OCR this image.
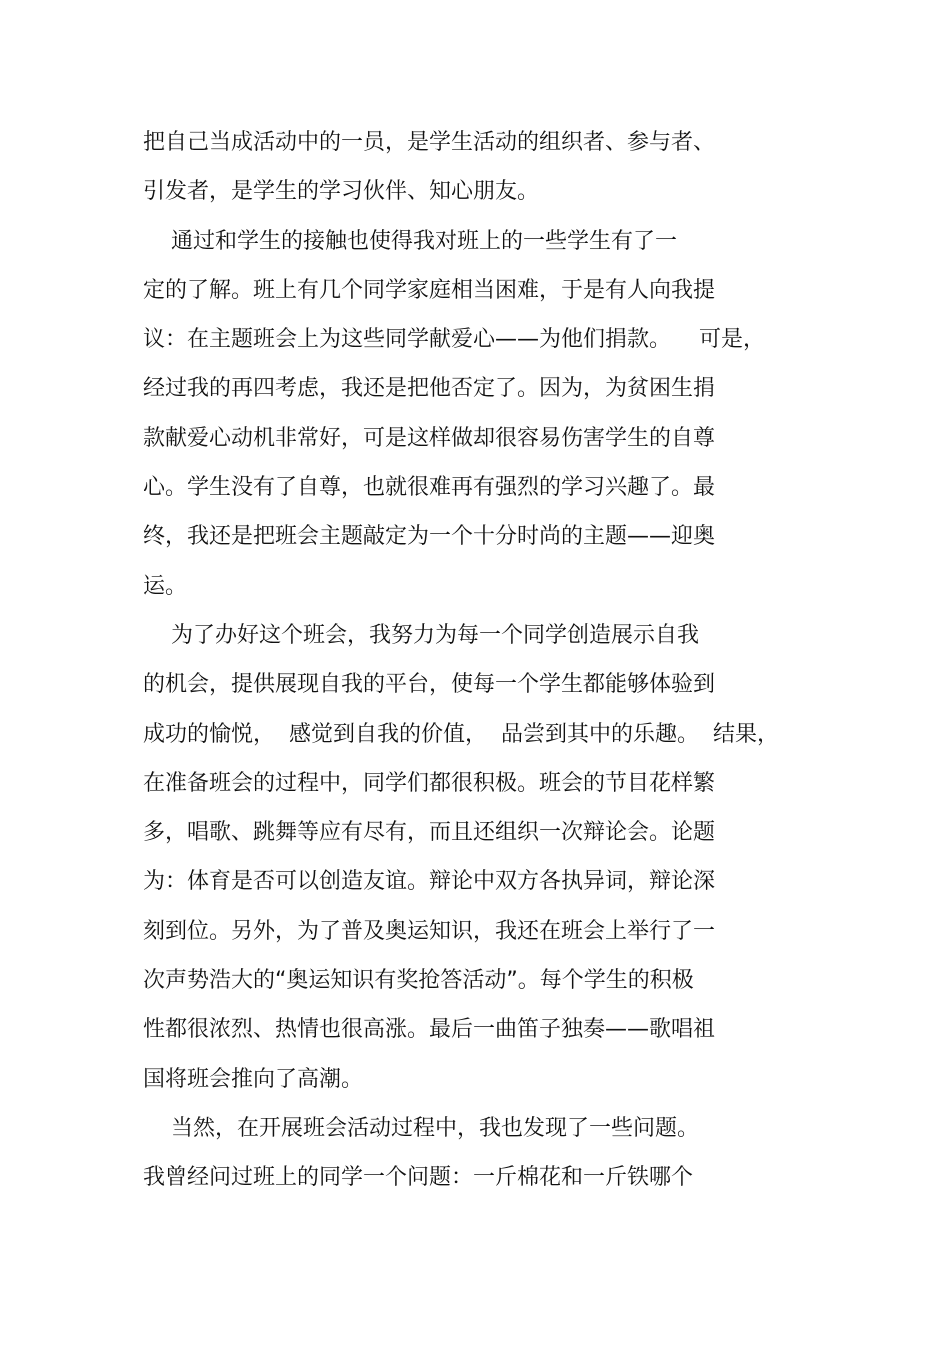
把自己当成活动中的一员，是学生活动的组织者、参与者、
引发者，是学生的学习伙伴、知心朋友。
通过和学生的接触也使得我对班上的一些学生有了一
定的了解。班上有几个同学家庭相当困难，于是有人向我提
议：在主题班会上为这些同学献爱心——为他们捐款。    可是，
经过我的再四考虑，我还是把他否定了。因为，为贫困生捐
款献爱心动机非常好，可是这样做却很容易伤害学生的自尊
心。学生没有了自尊，也就很难再有强烈的学习兴趣了。最
终，我还是把班会主题敲定为一个十分时尚的主题——迎奥
运。
为了办好这个班会，我努力为每一个同学创造展示自我
的机会，提供展现自我的平台，使每一个学生都能够体验到
成功的愉悦，  感觉到自我的价值，  品尝到其中的乐趣。  结果，
在准备班会的过程中，同学们都很积极。班会的节目花样繁
多，唱歌、跳舞等应有尽有，而且还组织一次辩论会。论题
为：体育是否可以创造友谊。辩论中双方各执异词，辩论深
刻到位。另外，为了普及奥运知识，我还在班会上举行了一
次声势浩大的“奥运知识有奖抢答活动”。每个学生的积极
性都很浓烈、热情也很高涨。最后一曲笛子独奏——歌唱祖
国将班会推向了高潮。
当然，在开展班会活动过程中，我也发现了一些问题。
我曾经问过班上的同学一个问题：一斤棉花和一斤铁哪个
